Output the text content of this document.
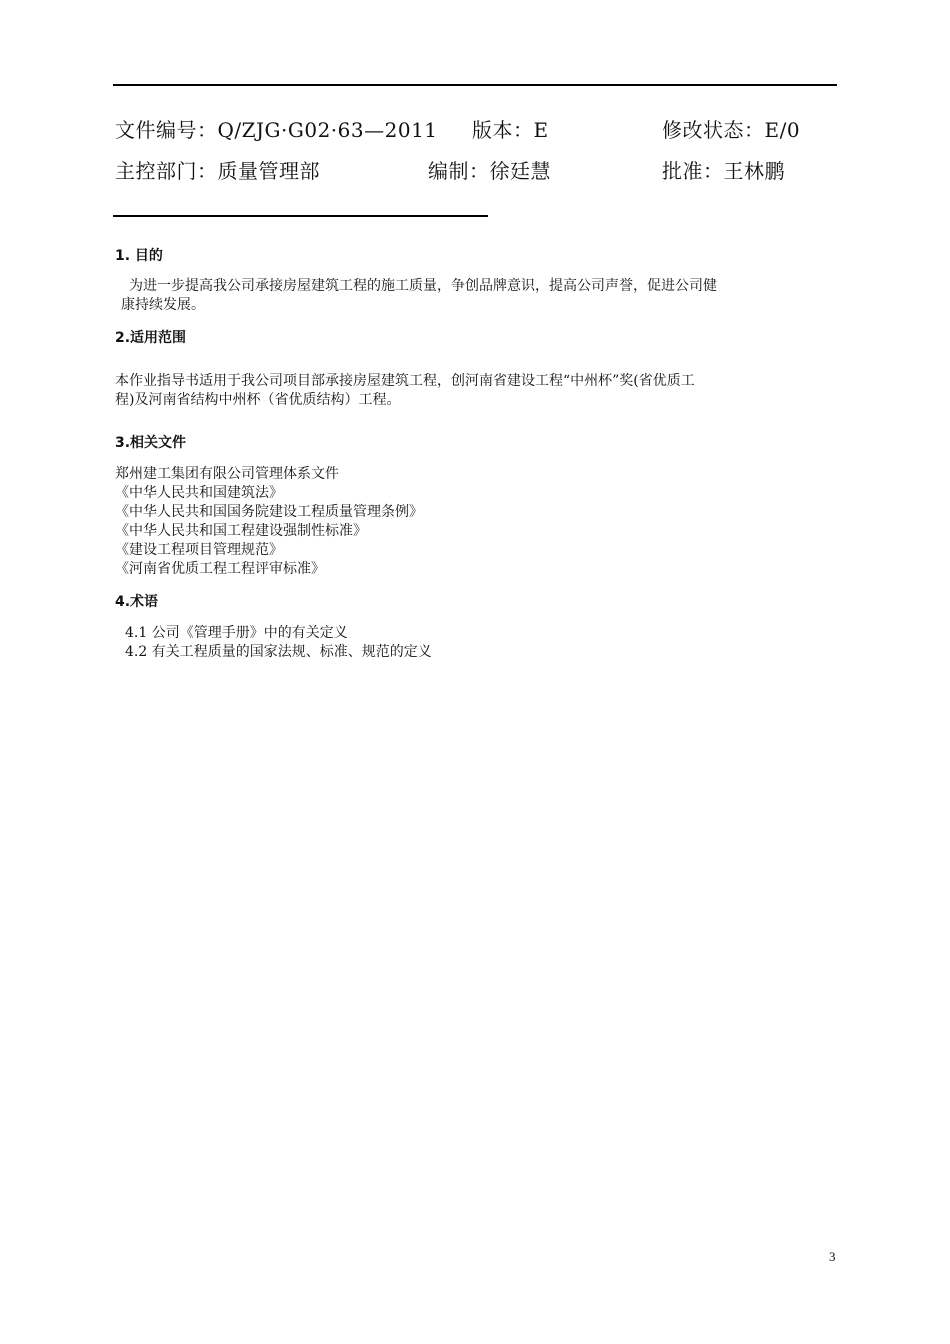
文件编号：Q/ZJG·G02·63—2011 版本：E	修改状态：E/0
主控部门：质量管理部	编制：徐廷慧	批准：王林鹏
1. 目的
为进一步提高我公司承接房屋建筑工程的施工质量，争创品牌意识，提高公司声誉，促进公司健
康持续发展。
2.适用范围
本作业指导书适用于我公司项目部承接房屋建筑工程，创河南省建设工程“中州杯”奖(省优质工
程)及河南省结构中州杯（省优质结构）工程。
3.相关文件
郑州建工集团有限公司管理体系文件
《中华人民共和国建筑法》
《中华人民共和国国务院建设工程质量管理条例》
《中华人民共和国工程建设强制性标准》
《建设工程项目管理规范》
《河南省优质工程工程评审标准》
4.术语
4.1 公司《管理手册》中的有关定义
4.2 有关工程质量的国家法规、标准、规范的定义
3
